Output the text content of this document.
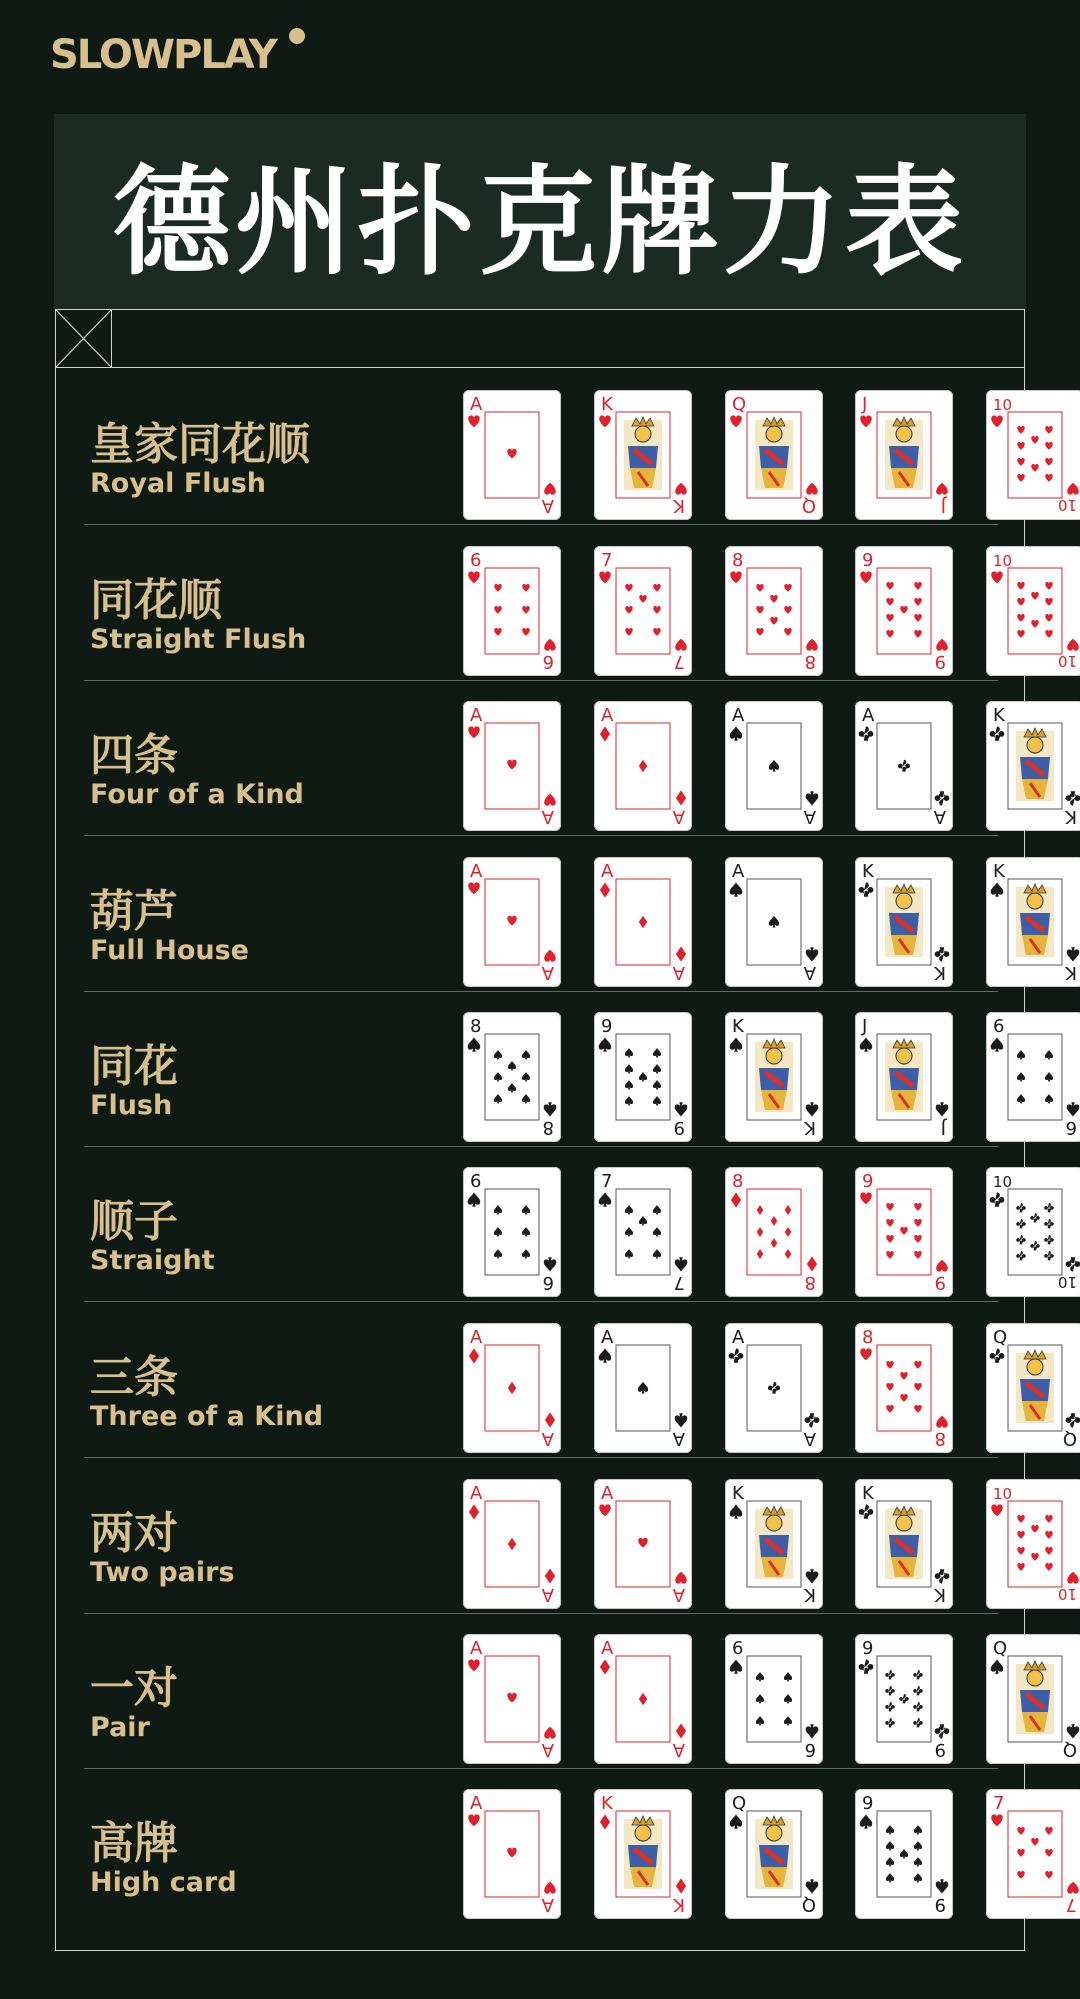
SLOWPLAY
德州扑克牌力表
皇家同花顺
Royal Flush
A
A
K
K
Q
Q
J
J
10
10
同花顺
Straight Flush
6
6
7
7
8
8
9
9
10
10
四条
Four of a Kind
A
A
A
A
A
A
A
A
K
K
葫芦
Full House
A
A
A
A
A
A
K
K
K
K
同花
Flush
8
8
9
9
K
K
J
J
6
6
顺子
Straight
6
6
7
7
8
8
9
9
10
10
三条
Three of a Kind
A
A
A
A
A
A
8
8
Q
Q
两对
Two pairs
A
A
A
A
K
K
K
K
10
10
一对
Pair
A
A
A
A
6
6
9
9
Q
Q
高牌
High card
A
A
K
K
Q
Q
9
9
7
7
